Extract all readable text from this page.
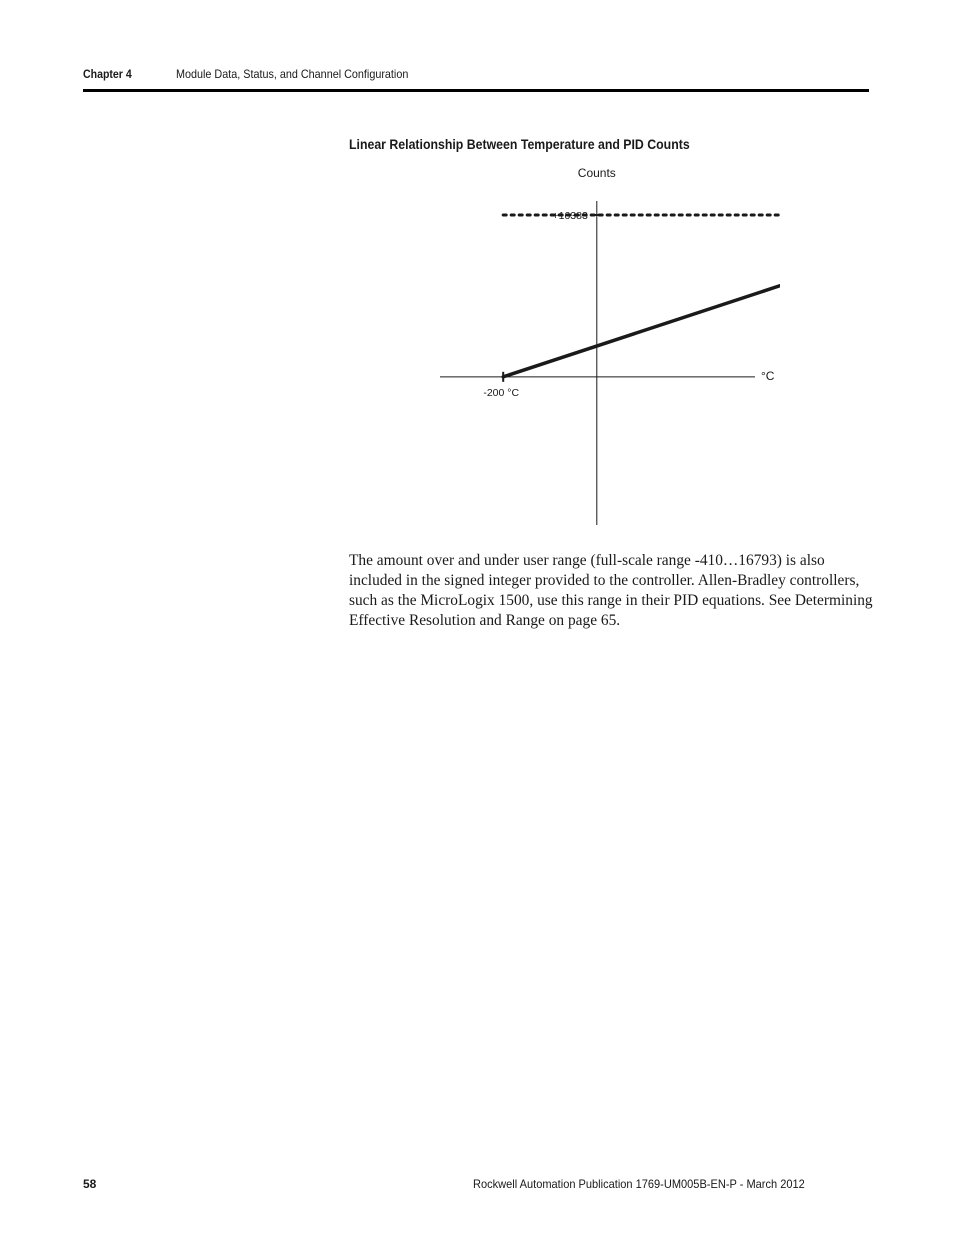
Chapter 4	Module Data, Status, and Channel Configuration
Linear Relationship Between Temperature and PID Counts
Counts
°C
+16383
-200 °C

The amount over and under user range (full-scale range -410…16793) is also included in the signed integer provided to the controller. Allen-Bradley controllers, such as the MicroLogix 1500, use this range in their PID equations. See Determining Effective Resolution and Range on page 65.

58	Rockwell Automation Publication 1769-UM005B-EN-P - March 2012
